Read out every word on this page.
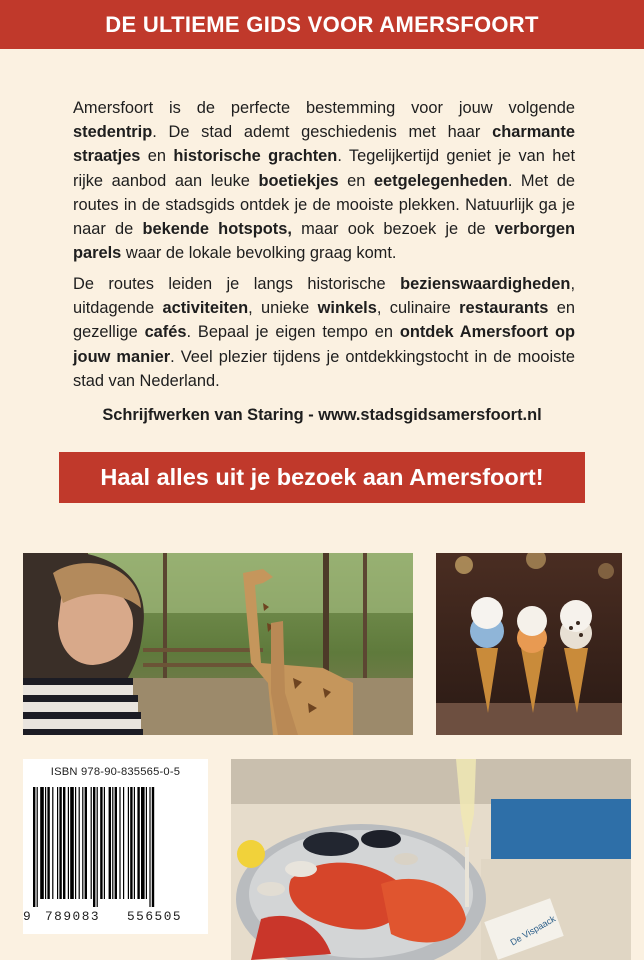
DE ULTIEME GIDS VOOR AMERSFOORT
Amersfoort is de perfecte bestemming voor jouw volgende stedentrip. De stad ademt geschiedenis met haar charmante straatjes en historische grachten. Tegelijkertijd geniet je van het rijke aanbod aan leuke boetiekjes en eetgelegenheden. Met de routes in de stadsgids ontdek je de mooiste plekken. Natuurlijk ga je naar de bekende hotspots, maar ook bezoek je de verborgen parels waar de lokale bevolking graag komt.
De routes leiden je langs historische bezienswaardigheden, uitdagende activiteiten, unieke winkels, culinaire restaurants en gezellige cafés. Bepaal je eigen tempo en ontdek Amersfoort op jouw manier. Veel plezier tijdens je ontdekkingstocht in de mooiste stad van Nederland.
Schrijfwerken van Staring - www.stadsgidsamersfoort.nl
Haal alles uit je bezoek aan Amersfoort!
ISBN 978-90-835565-0-5
9 789083 556505	De Vispaack
